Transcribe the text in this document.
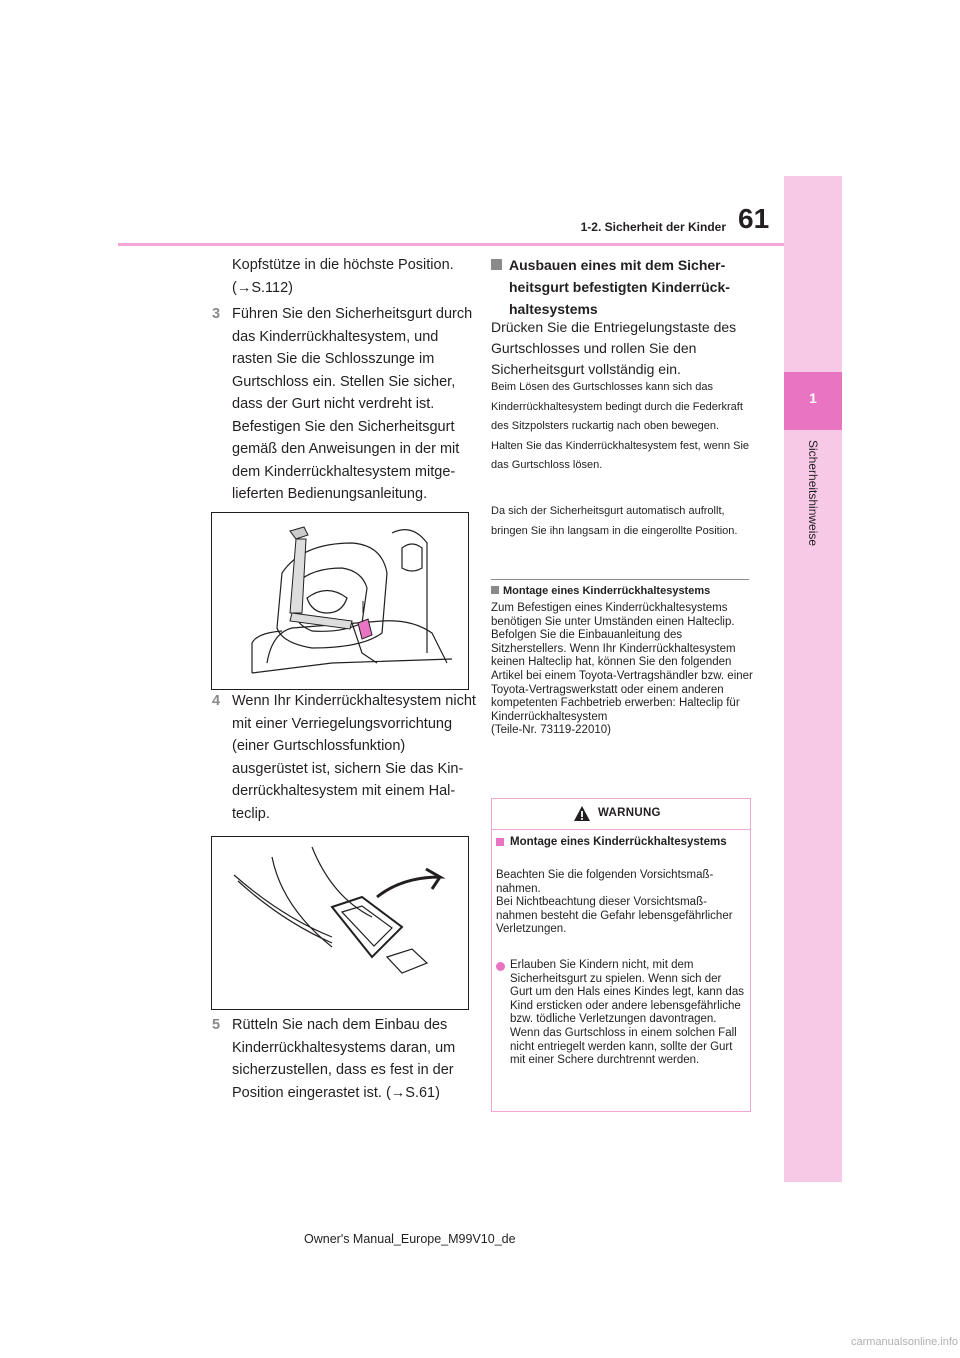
61
1-2. Sicherheit der Kinder
1
Sicherheitshinweise
Kopfstütze in die höchste Position.
(→S.112)
3 Führen Sie den Sicherheitsgurt durch das Kinderrückhaltesystem, und rasten Sie die Schlosszunge im Gurtschloss ein. Stellen Sie sicher, dass der Gurt nicht verdreht ist. Befestigen Sie den Sicherheitsgurt gemäß den Anweisungen in der mit dem Kinderrückhaltesystem mitgelieferten Bedienungsanleitung.
4 Wenn Ihr Kinderrückhaltesystem nicht mit einer Verriegelungsvorrichtung (einer Gurtschlossfunktion) ausgerüstet ist, sichern Sie das Kinderrückhaltesystem mit einem Halteclip.
5 Rütteln Sie nach dem Einbau des Kinderrückhaltesystems daran, um sicherzustellen, dass es fest in der Position eingerastet ist. (→S.61)
Ausbauen eines mit dem Sicherheitsgurt befestigten Kinderrückhaltesystems
Drücken Sie die Entriegelungstaste des Gurtschlosses und rollen Sie den Sicherheitsgurt vollständig ein.
Beim Lösen des Gurtschlosses kann sich das Kinderrückhaltesystem bedingt durch die Federkraft des Sitzpolsters ruckartig nach oben bewegen. Halten Sie das Kinderrückhaltesystem fest, wenn Sie das Gurtschloss lösen.
Da sich der Sicherheitsgurt automatisch aufrollt, bringen Sie ihn langsam in die eingerollte Position.
Montage eines Kinderrückhaltesystems
Zum Befestigen eines Kinderrückhaltesystems benötigen Sie unter Umständen einen Halteclip. Befolgen Sie die Einbauanleitung des Sitzherstellers. Wenn Ihr Kinderrückhaltesystem keinen Halteclip hat, können Sie den folgenden Artikel bei einem Toyota-Vertragshändler bzw. einer Toyota-Vertragswerkstatt oder einem anderen kompetenten Fachbetrieb erwerben: Halteclip für Kinderrückhaltesystem
(Teile-Nr. 73119-22010)
WARNUNG
Montage eines Kinderrückhaltesystems
Beachten Sie die folgenden Vorsichtsmaßnahmen.
Bei Nichtbeachtung dieser Vorsichtsmaßnahmen besteht die Gefahr lebensgefährlicher Verletzungen.
Erlauben Sie Kindern nicht, mit dem Sicherheitsgurt zu spielen. Wenn sich der Gurt um den Hals eines Kindes legt, kann das Kind ersticken oder andere lebensgefährliche bzw. tödliche Verletzungen davontragen. Wenn das Gurtschloss in einem solchen Fall nicht entriegelt werden kann, sollte der Gurt mit einer Schere durchtrennt werden.
Owner's Manual_Europe_M99V10_de
carmanualsonline.info
